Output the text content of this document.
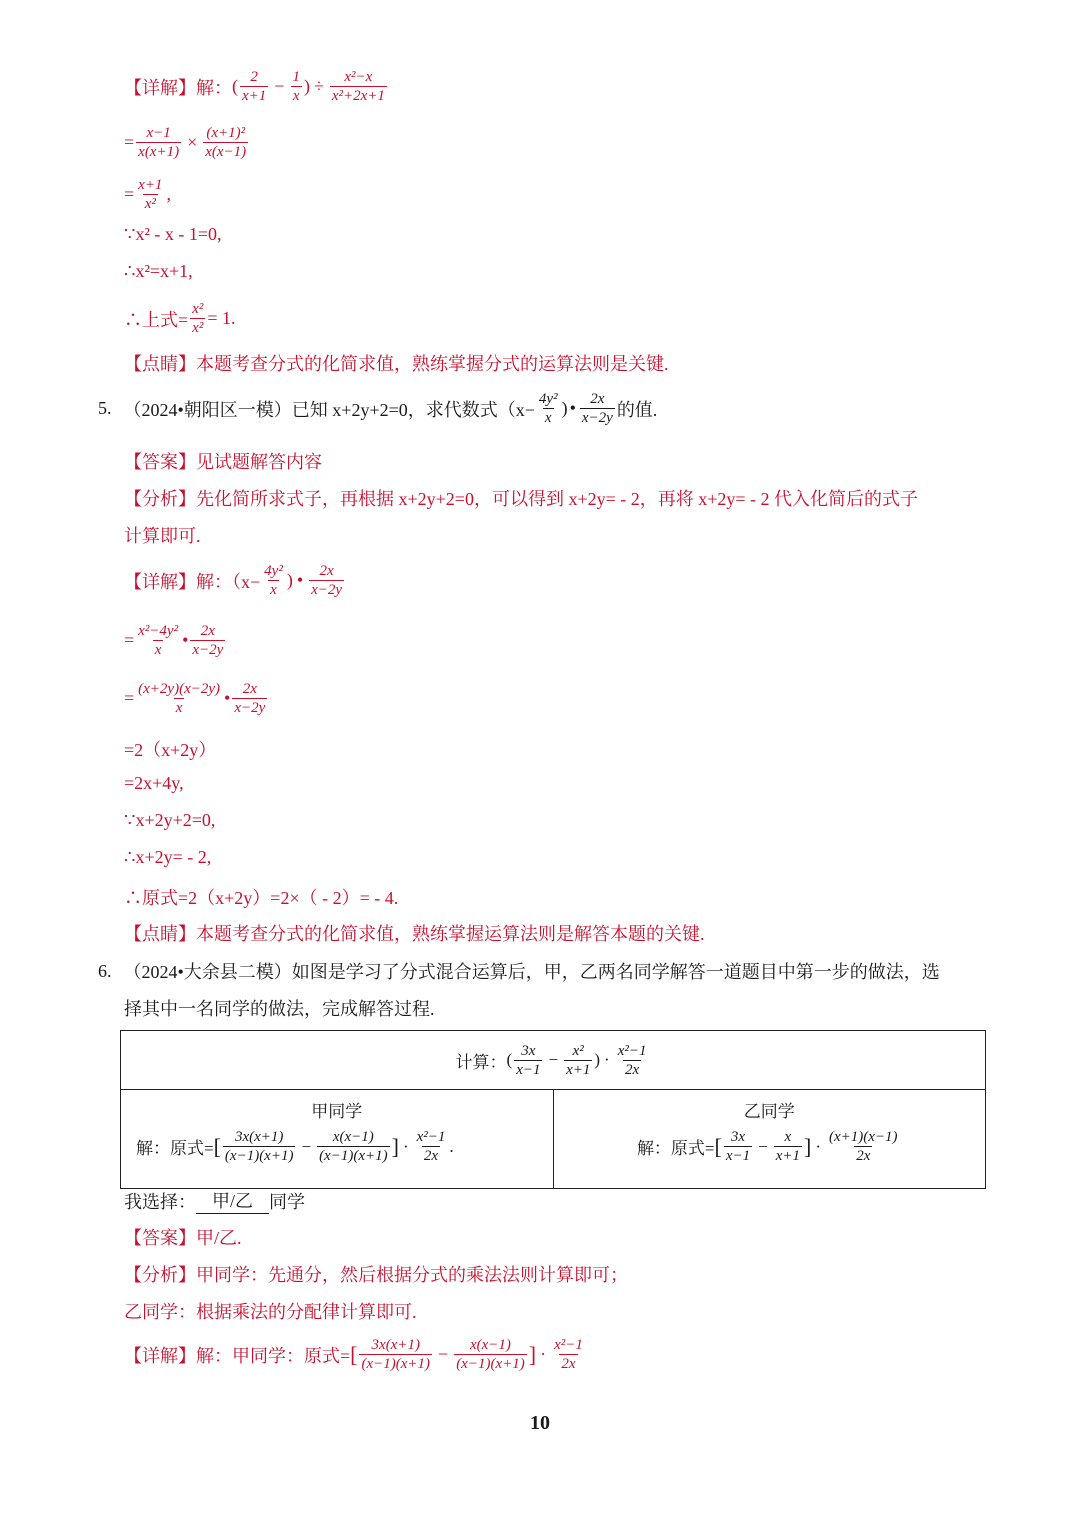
【详解】 解： ( $\frac{2}{x+1} - \frac{1}{x}$ ) ÷ $\frac{\text{x²−x}}{\text{x²+2x+1}}$
= $\frac{x-1}{x(x+1)} \times \frac{\text{(x+1)²}}{x(x-1)}$
= $\frac{x+1}{\text{x²}}$ ,
∵x² - x - 1=0,
∴x²=x+1,
∴上式= $\frac{\text{x²}}{\text{x²}} = 1$.
【点睛】 本题考查分式的化简求值，熟练掌握分式的运算法则是关键.
5. （2024•朝阳区一模）已知 x+2y+2=0，求代数式（$x- \frac{\text{4y²}}{x}$ ) • $\frac{2x}{x-2y}$ 的值.
【答案】 见试题解答内容
【分析】 先化简所求式子，再根据 x+2y+2=0，可以得到 x+2y= - 2，再将 x+2y= - 2 代入化简后的式子
计算即可.
【详解】 解：（$x- \frac{\text{4y²}}{x}$ ) • $\frac{2x}{x-2y}$
= $\frac{\text{x²−4y²}}{x}$ • $\frac{2x}{x-2y}$
= $\frac{(x+2y)(x-2y)}{x}$ • $\frac{2x}{x-2y}$
=2（x+2y）
=2x+4y,
∵x+2y+2=0,
∴x+2y= - 2,
∴原式=2（x+2y）=2×（ - 2）= - 4.
【点睛】 本题考查分式的化简求值，熟练掌握运算法则是解答本题的关键.
6. （2024•大余县二模）如图是学习了分式混合运算后，甲，乙两名同学解答一道题目中第一步的做法，选
择其中一名同学的做法，完成解答过程.
计算： ( $\frac{3x}{x-1} - \frac{\text{x²}}{x+1}$ ) · $\frac{\text{x²−1}}{2x}$

甲同学
解：原式= [ $\frac{3x(x+1)}{(x-1)(x+1)} - \frac{x(x-1)}{(x-1)(x+1)}$ ] · $\frac{\text{x²−1}}{2x}$ .

乙同学
解：原式= [ $\frac{3x}{x-1} - \frac{x}{x+1}$ ] · $\frac{(x+1)(x-1)}{2x}$
我选择： 甲/乙 同学
【答案】 甲/乙.
【分析】 甲同学：先通分，然后根据分式的乘法法则计算即可；
乙同学：根据乘法的分配律计算即可.
【详解】 解：甲同学：原式= [ $\frac{3x(x+1)}{(x-1)(x+1)} - \frac{x(x-1)}{(x-1)(x+1)}$ ] · $\frac{\text{x²−1}}{2x}$
10
